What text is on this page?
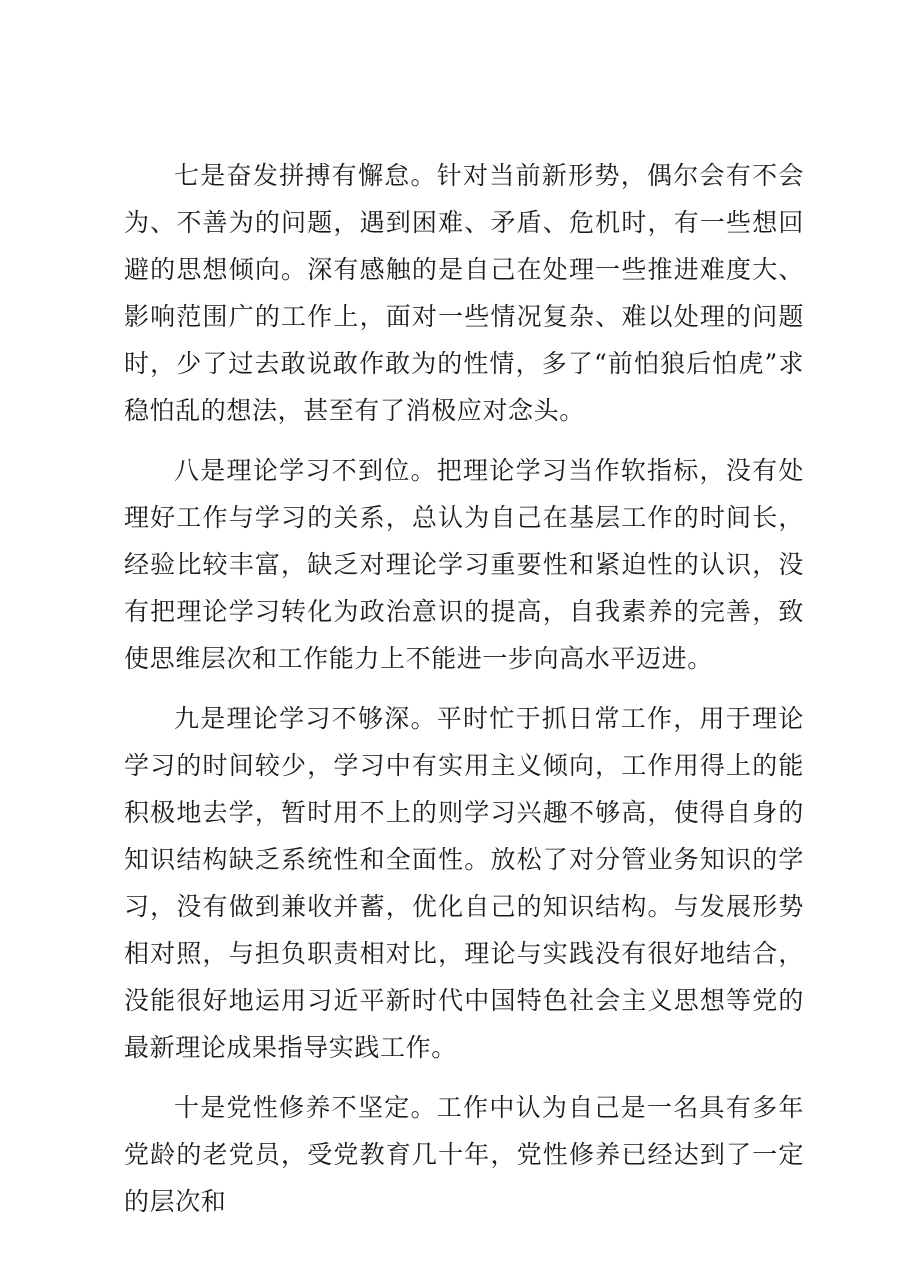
七是奋发拼搏有懈怠。针对当前新形势，偶尔会有不会为、不善为的问题，遇到困难、矛盾、危机时，有一些想回避的思想倾向。深有感触的是自己在处理一些推进难度大、影响范围广的工作上，面对一些情况复杂、难以处理的问题时，少了过去敢说敢作敢为的性情，多了“前怕狼后怕虎”求稳怕乱的想法，甚至有了消极应对念头。

八是理论学习不到位。把理论学习当作软指标，没有处理好工作与学习的关系，总认为自己在基层工作的时间长，经验比较丰富，缺乏对理论学习重要性和紧迫性的认识，没有把理论学习转化为政治意识的提高，自我素养的完善，致使思维层次和工作能力上不能进一步向高水平迈进。

九是理论学习不够深。平时忙于抓日常工作，用于理论学习的时间较少，学习中有实用主义倾向，工作用得上的能积极地去学，暂时用不上的则学习兴趣不够高，使得自身的知识结构缺乏系统性和全面性。放松了对分管业务知识的学习，没有做到兼收并蓄，优化自己的知识结构。与发展形势相对照，与担负职责相对比，理论与实践没有很好地结合，没能很好地运用习近平新时代中国特色社会主义思想等党的最新理论成果指导实践工作。

十是党性修养不坚定。工作中认为自己是一名具有多年党龄的老党员，受党教育几十年，党性修养已经达到了一定的层次和
